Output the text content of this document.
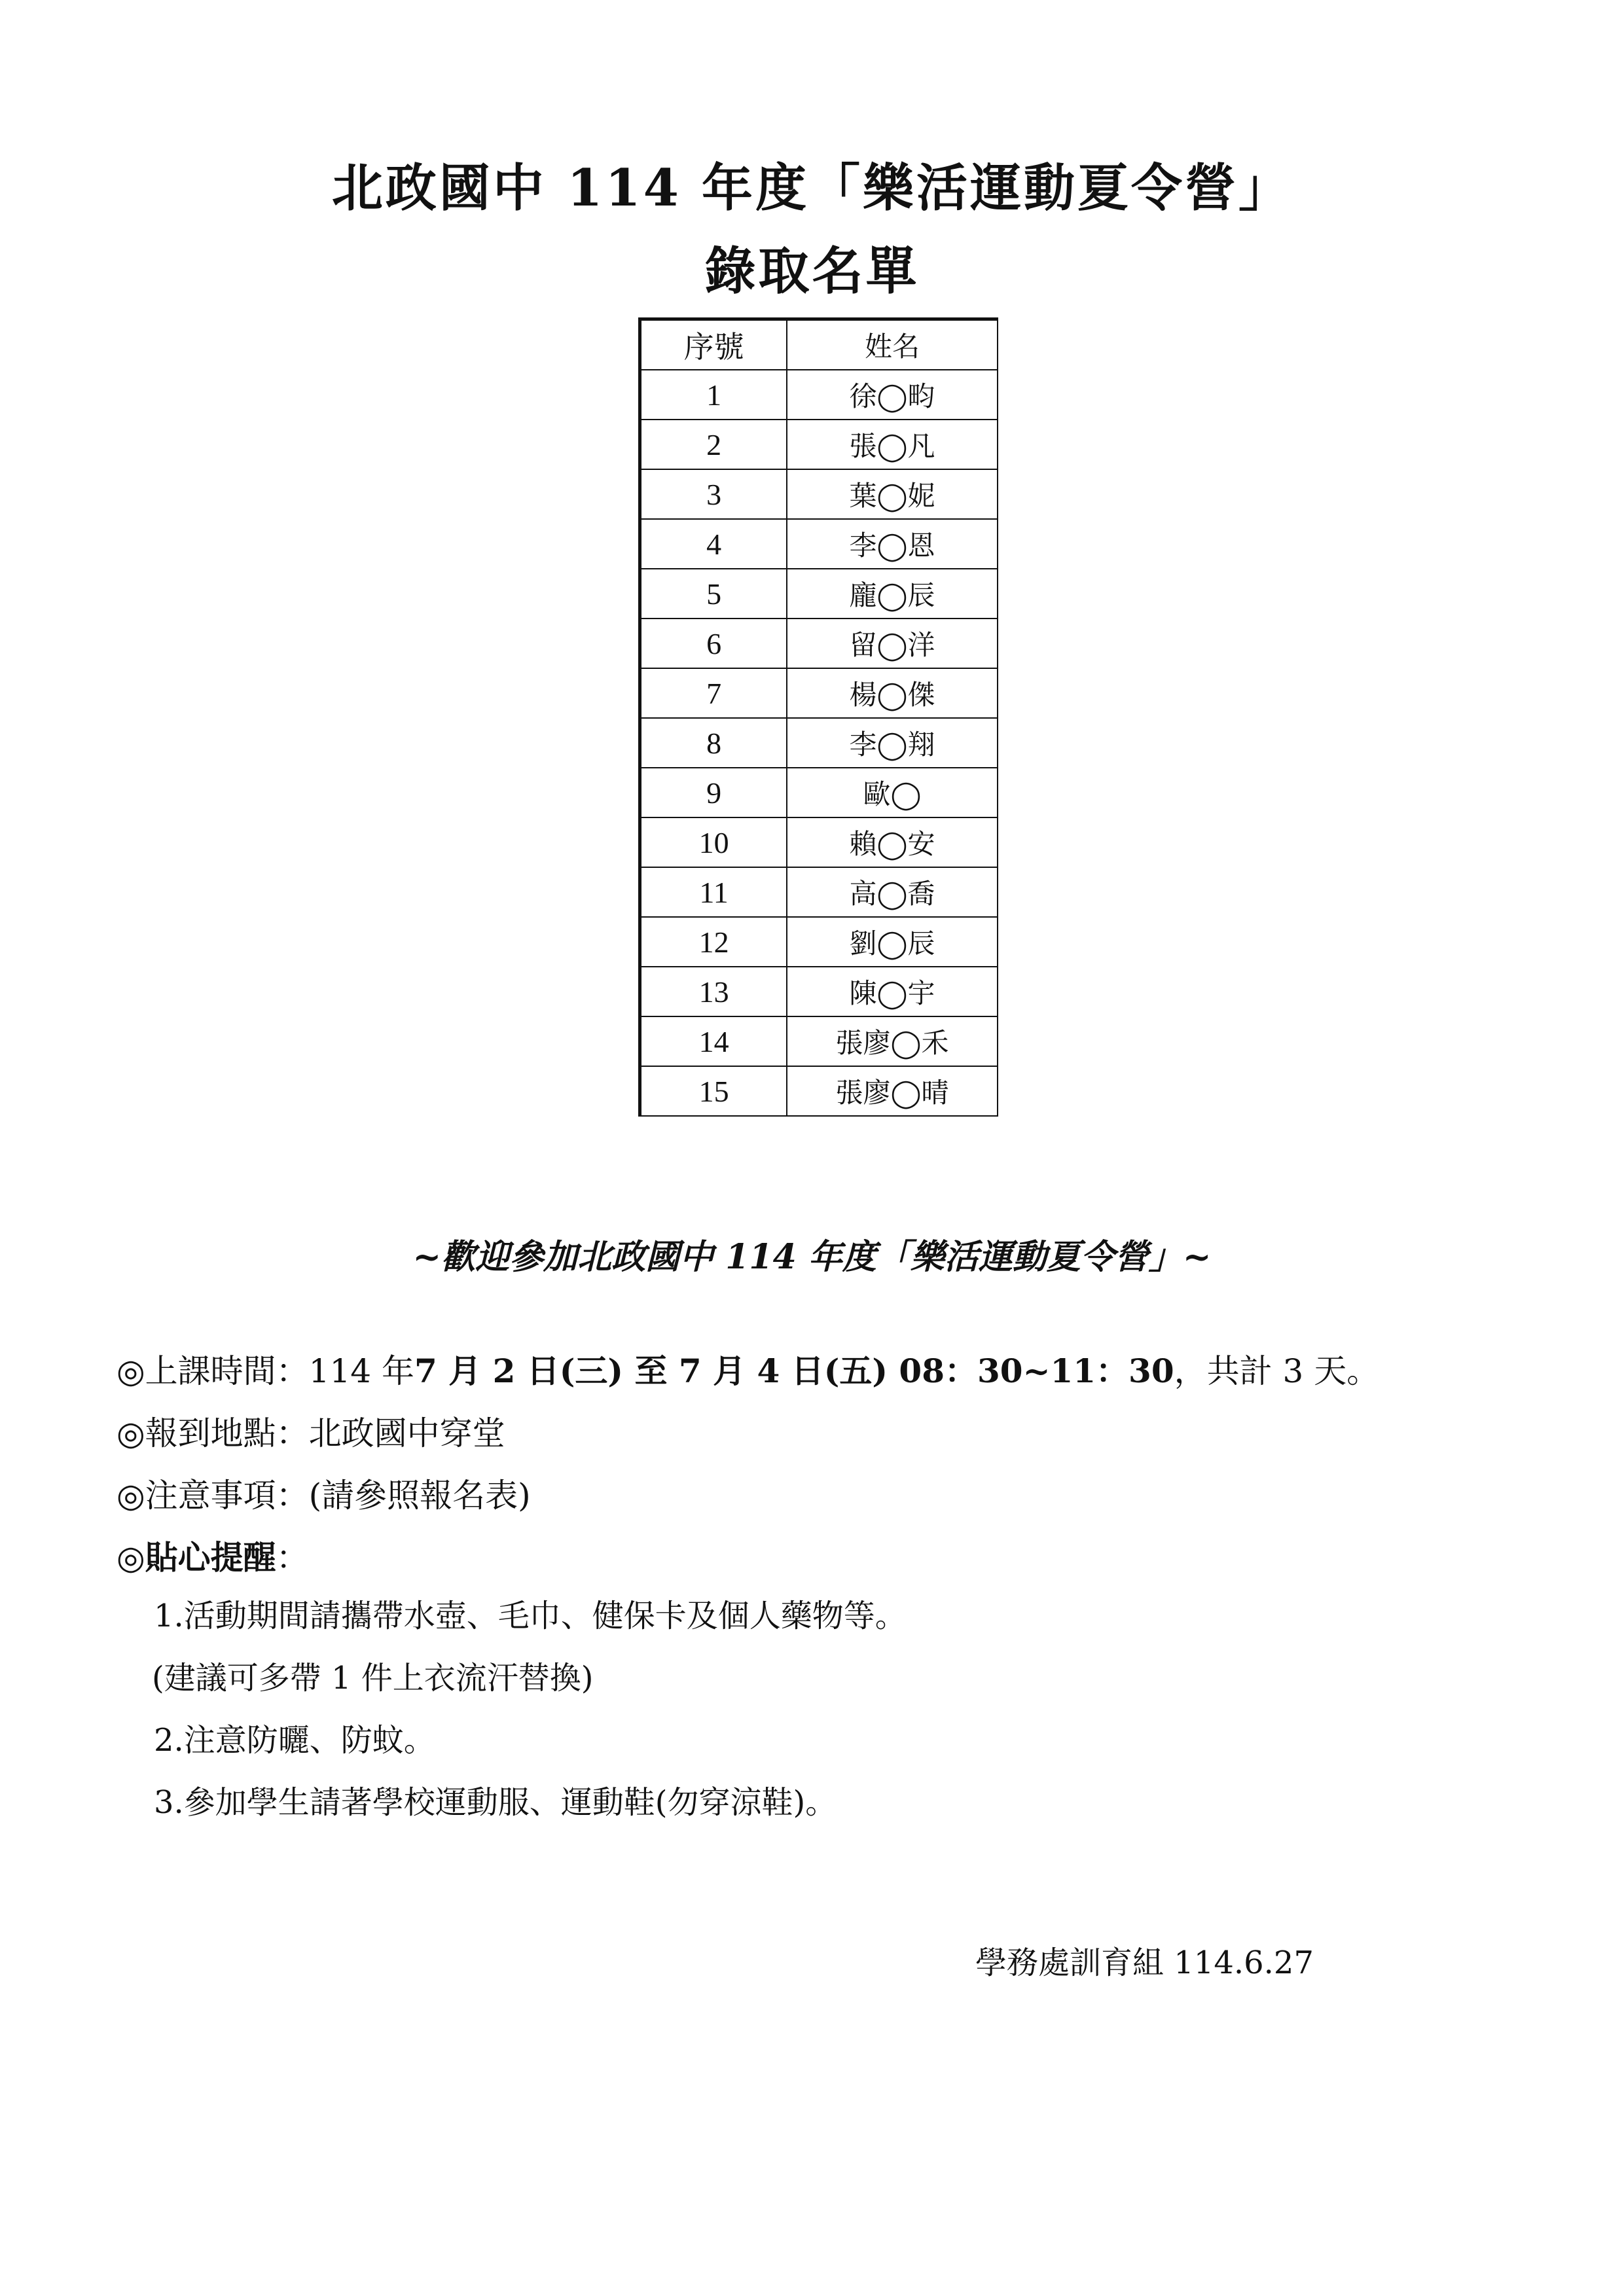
北政國中 114 年度「樂活運動夏令營」
錄取名單
序號	姓名
1	徐◯畇
2	張◯凡
3	葉◯妮
4	李◯恩
5	龐◯辰
6	留◯洋
7	楊◯傑
8	李◯翔
9	歐◯
10	賴◯安
11	高◯喬
12	劉◯辰
13	陳◯宇
14	張廖◯禾
15	張廖◯晴
~歡迎參加北政國中 114 年度「樂活運動夏令營」~
◎上課時間：114 年7 月 2 日(三) 至 7 月 4 日(五) 08：30~11：30，共計 3 天。
◎報到地點：北政國中穿堂
◎注意事項：(請參照報名表)
◎貼心提醒：
1.活動期間請攜帶水壺、毛巾、健保卡及個人藥物等。
(建議可多帶 1 件上衣流汗替換)
2.注意防曬、防蚊。
3.參加學生請著學校運動服、運動鞋(勿穿涼鞋)。
學務處訓育組 114.6.27
